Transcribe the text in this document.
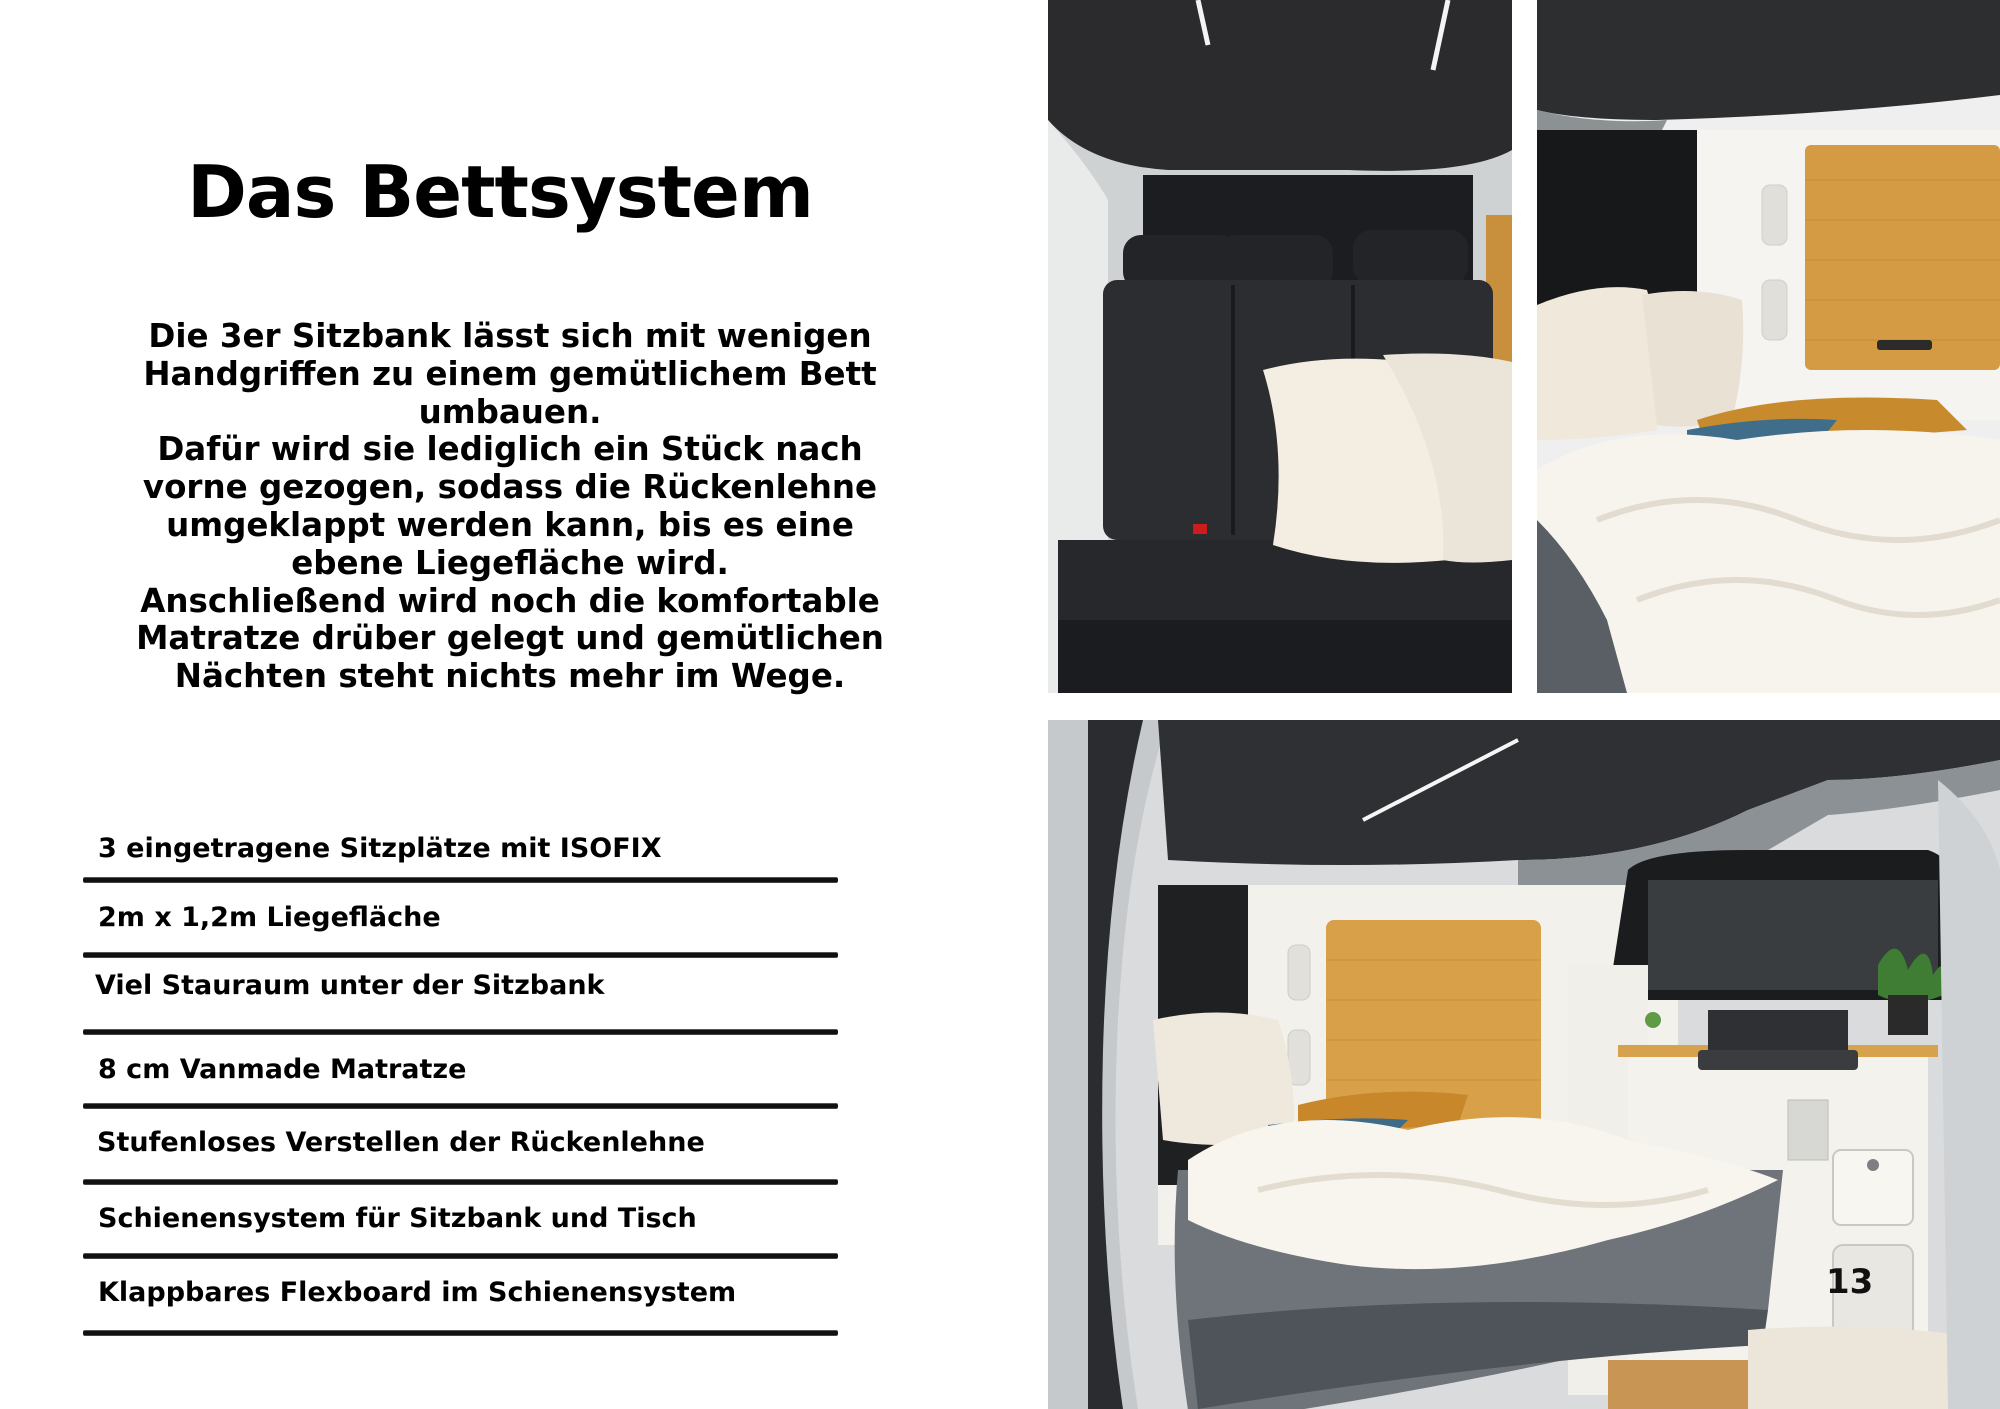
Das Bettsystem
Die 3er Sitzbank lässt sich mit wenigen
Handgriffen zu einem gemütlichem Bett
umbauen.
Dafür wird sie lediglich ein Stück nach
vorne gezogen, sodass die Rückenlehne
umgeklappt werden kann, bis es eine
ebene Liegefläche wird.
Anschließend wird noch die komfortable
Matratze drüber gelegt und gemütlichen
Nächten steht nichts mehr im Wege.
3 eingetragene Sitzplätze mit ISOFIX
2m x 1,2m Liegefläche
Viel Stauraum unter der Sitzbank
8 cm Vanmade Matratze
Stufenloses Verstellen der Rückenlehne
Schienensystem für Sitzbank und Tisch
Klappbares Flexboard im Schienensystem	13
